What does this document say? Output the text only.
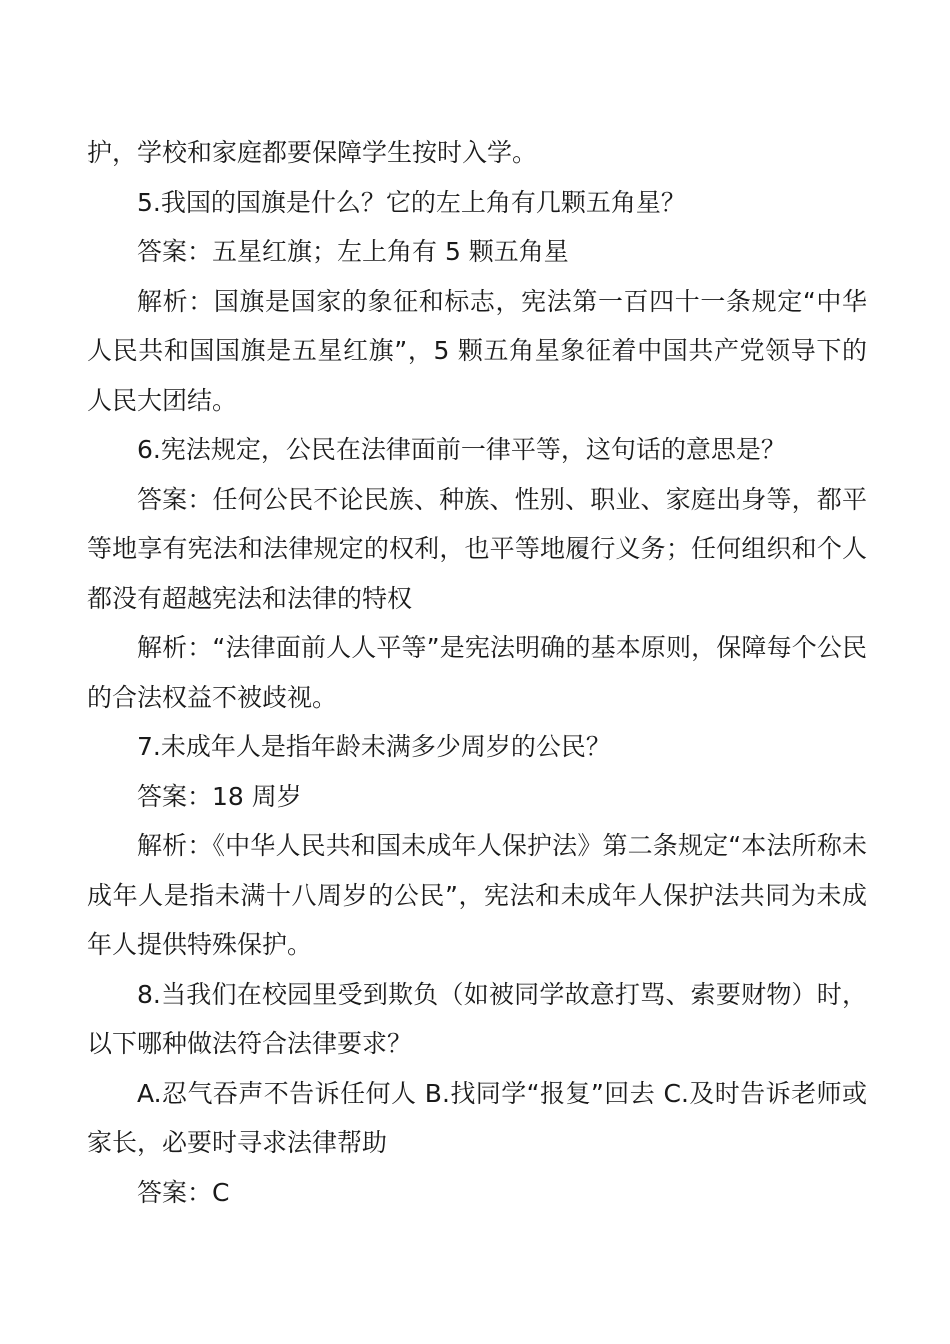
护，学校和家庭都要保障学生按时入学。

5.我国的国旗是什么？它的左上角有几颗五角星？

答案：五星红旗；左上角有 5 颗五角星

解析：国旗是国家的象征和标志，宪法第一百四十一条规定“中华人民共和国国旗是五星红旗”，5 颗五角星象征着中国共产党领导下的人民大团结。

6.宪法规定，公民在法律面前一律平等，这句话的意思是？

答案：任何公民不论民族、种族、性别、职业、家庭出身等，都平等地享有宪法和法律规定的权利，也平等地履行义务；任何组织和个人都没有超越宪法和法律的特权

解析：“法律面前人人平等”是宪法明确的基本原则，保障每个公民的合法权益不被歧视。

7.未成年人是指年龄未满多少周岁的公民？

答案：18 周岁

解析：《中华人民共和国未成年人保护法》第二条规定“本法所称未成年人是指未满十八周岁的公民”，宪法和未成年人保护法共同为未成年人提供特殊保护。

8.当我们在校园里受到欺负（如被同学故意打骂、索要财物）时，以下哪种做法符合法律要求？

A.忍气吞声不告诉任何人 B.找同学“报复”回去 C.及时告诉老师或家长，必要时寻求法律帮助

答案：C
